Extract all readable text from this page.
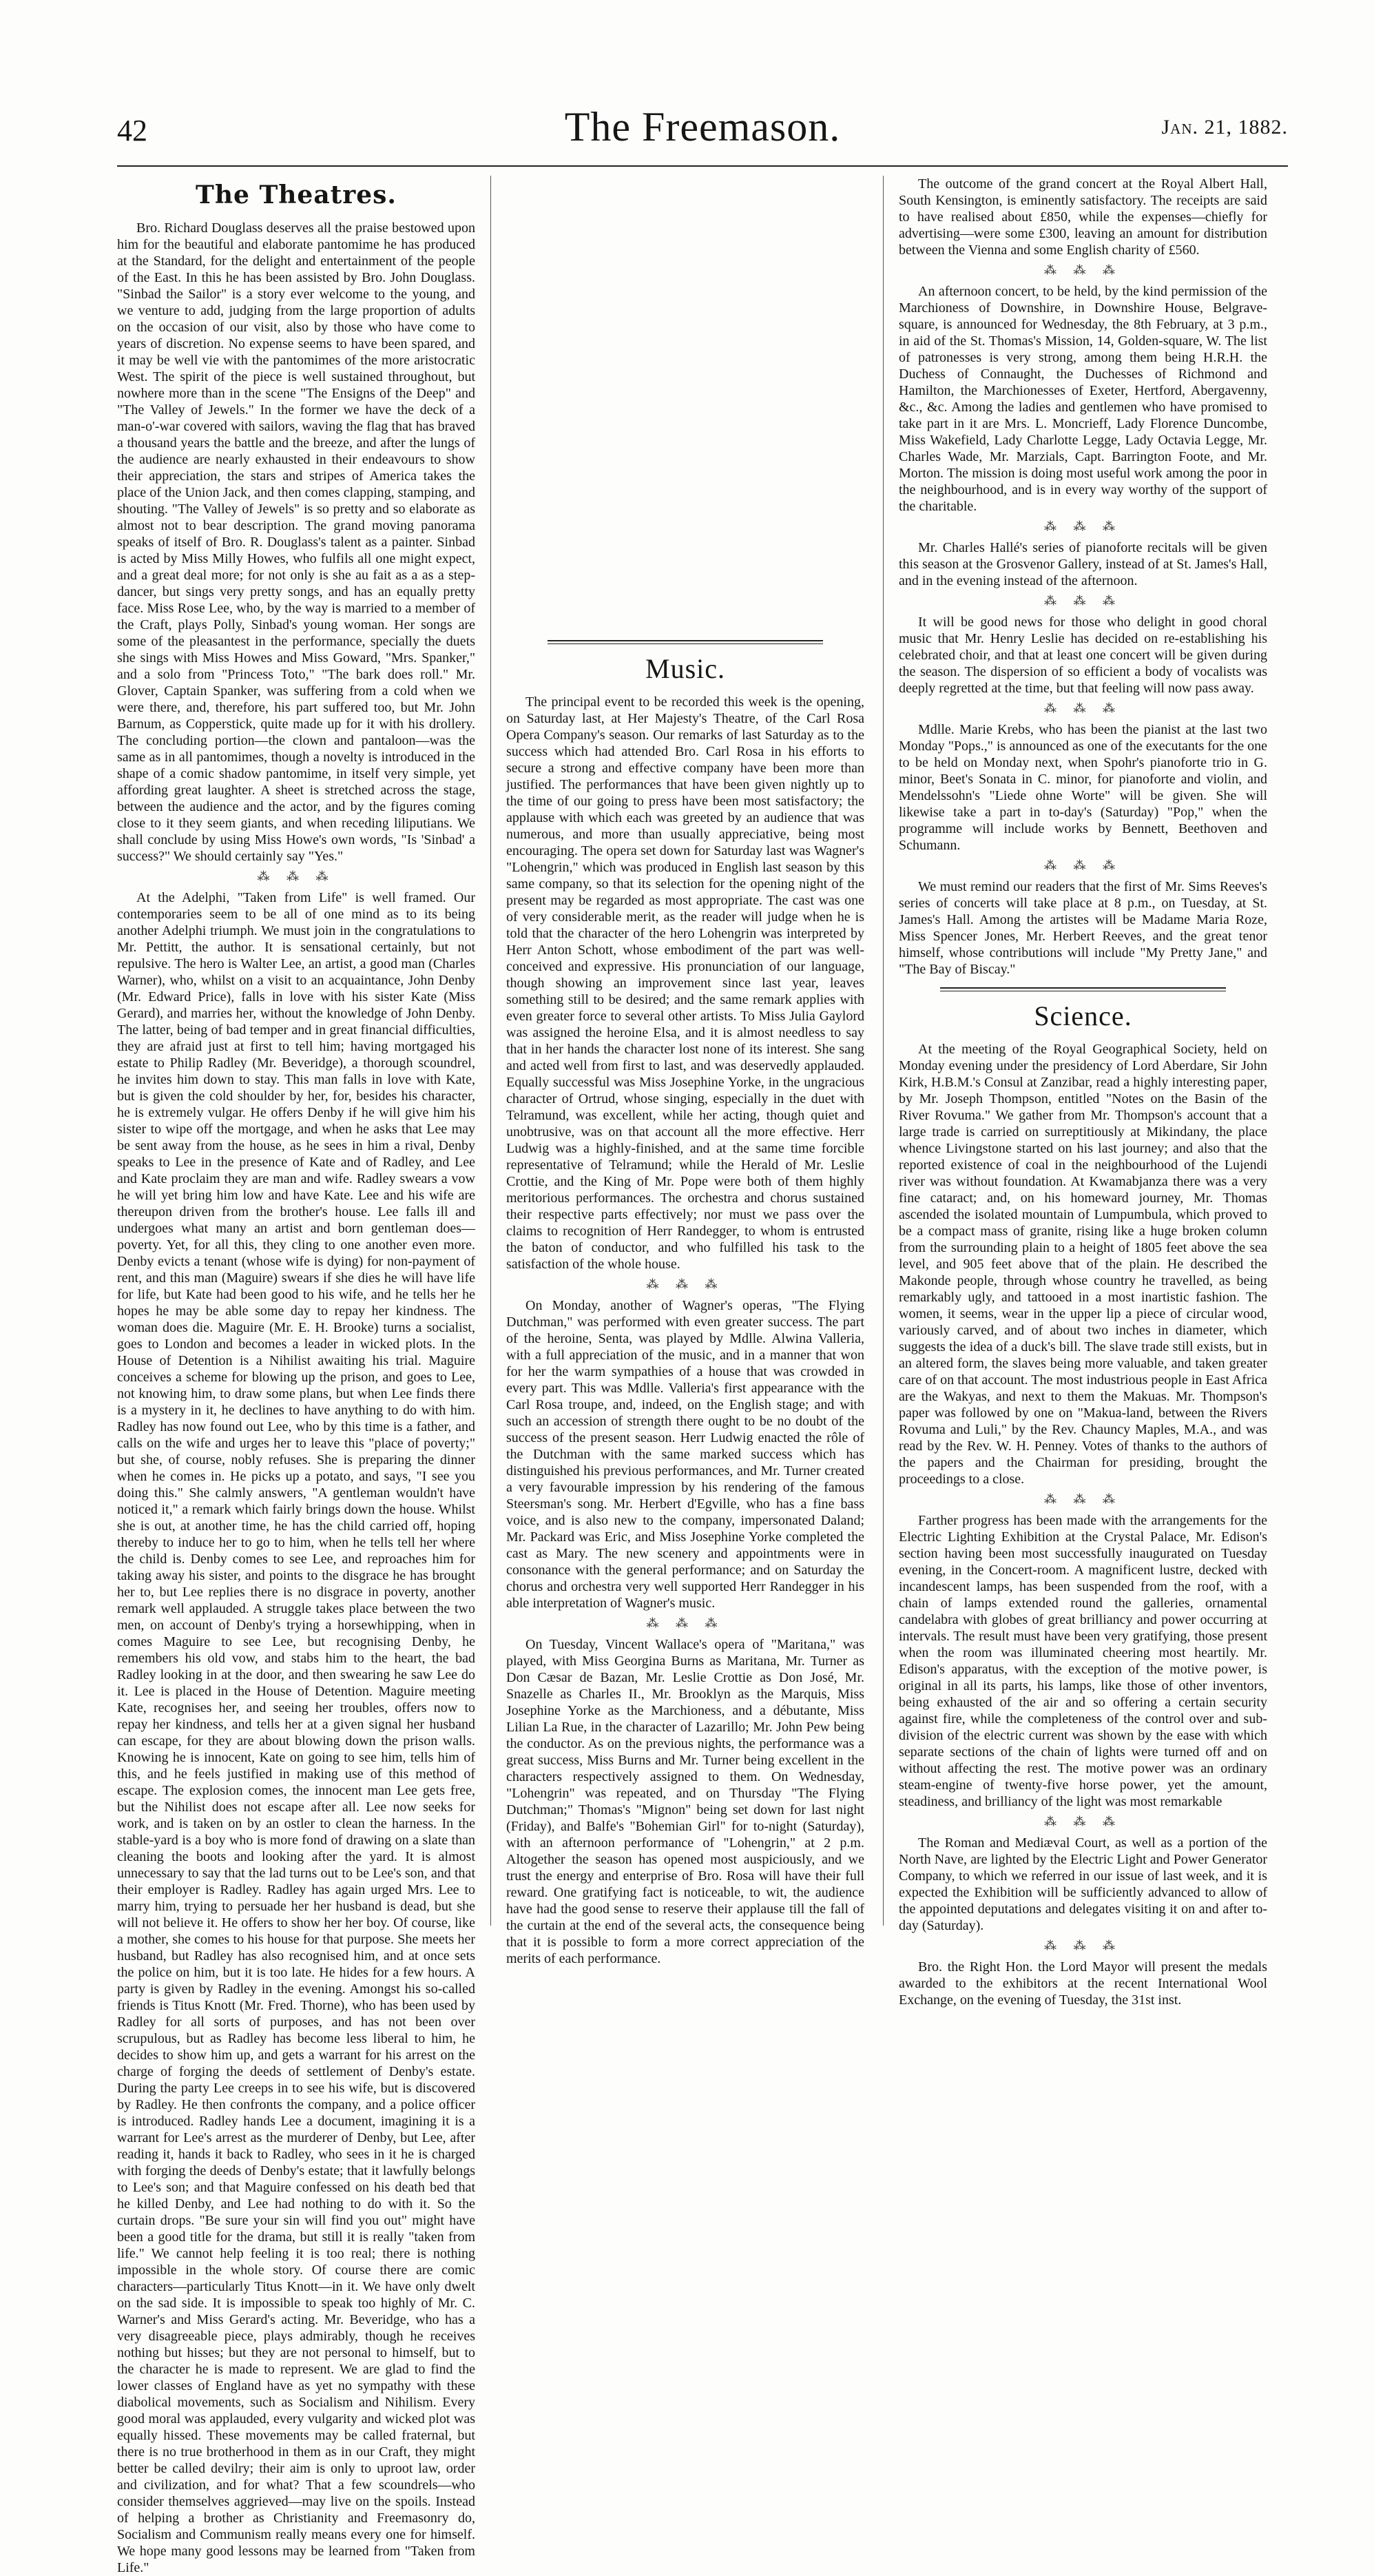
42	The Freemason.	Jan. 21, 1882.
The Theatres.

Bro. Richard Douglass deserves all the praise bestowed upon him for the beautiful and elaborate pantomime he has produced at the Standard, for the delight and entertainment of the people of the East. In this he has been assisted by Bro. John Douglass. "Sinbad the Sailor" is a story ever welcome to the young, and we venture to add, judging from the large proportion of adults on the occasion of our visit, also by those who have come to years of discretion. No expense seems to have been spared, and it may be well vie with the pantomimes of the more aristocratic West. The spirit of the piece is well sustained throughout, but nowhere more than in the scene "The Ensigns of the Deep" and "The Valley of Jewels." In the former we have the deck of a man-o'-war covered with sailors, waving the flag that has braved a thousand years the battle and the breeze, and after the lungs of the audience are nearly exhausted in their endeavours to show their appreciation, the stars and stripes of America takes the place of the Union Jack, and then comes clapping, stamping, and shouting. "The Valley of Jewels" is so pretty and so elaborate as almost not to bear description. The grand moving panorama speaks of itself of Bro. R. Douglass's talent as a painter. Sinbad is acted by Miss Milly Howes, who fulfils all one might expect, and a great deal more; for not only is she au fait as a as a step-dancer, but sings very pretty songs, and has an equally pretty face. Miss Rose Lee, who, by the way is married to a member of the Craft, plays Polly, Sinbad's young woman. Her songs are some of the pleasantest in the performance, specially the duets she sings with Miss Howes and Miss Goward, "Mrs. Spanker," and a solo from "Princess Toto," "The bark does roll." Mr. Glover, Captain Spanker, was suffering from a cold when we were there, and, therefore, his part suffered too, but Mr. John Barnum, as Copperstick, quite made up for it with his drollery. The concluding portion—the clown and pantaloon—was the same as in all pantomimes, though a novelty is introduced in the shape of a comic shadow pantomime, in itself very simple, yet affording great laughter. A sheet is stretched across the stage, between the audience and the actor, and by the figures coming close to it they seem giants, and when receding liliputians. We shall conclude by using Miss Howe's own words, "Is 'Sinbad' a success?" We should certainly say "Yes."

⁂ ⁂ ⁂

At the Adelphi, "Taken from Life" is well framed. Our contemporaries seem to be all of one mind as to its being another Adelphi triumph. We must join in the congratulations to Mr. Pettitt, the author. It is sensational certainly, but not repulsive. The hero is Walter Lee, an artist, a good man (Charles Warner), who, whilst on a visit to an acquaintance, John Denby (Mr. Edward Price), falls in love with his sister Kate (Miss Gerard), and marries her, without the knowledge of John Denby. The latter, being of bad temper and in great financial difficulties, they are afraid just at first to tell him; having mortgaged his estate to Philip Radley (Mr. Beveridge), a thorough scoundrel, he invites him down to stay. This man falls in love with Kate, but is given the cold shoulder by her, for, besides his character, he is extremely vulgar. He offers Denby if he will give him his sister to wipe off the mortgage, and when he asks that Lee may be sent away from the house, as he sees in him a rival, Denby speaks to Lee in the presence of Kate and of Radley, and Lee and Kate proclaim they are man and wife. Radley swears a vow he will yet bring him low and have Kate. Lee and his wife are thereupon driven from the brother's house. Lee falls ill and undergoes what many an artist and born gentleman does—poverty. Yet, for all this, they cling to one another even more. Denby evicts a tenant (whose wife is dying) for non-payment of rent, and this man (Maguire) swears if she dies he will have life for life, but Kate had been good to his wife, and he tells her he hopes he may be able some day to repay her kindness. The woman does die. Maguire (Mr. E. H. Brooke) turns a socialist, goes to London and becomes a leader in wicked plots. In the House of Detention is a Nihilist awaiting his trial. Maguire conceives a scheme for blowing up the prison, and goes to Lee, not knowing him, to draw some plans, but when Lee finds there is a mystery in it, he declines to have anything to do with him. Radley has now found out Lee, who by this time is a father, and calls on the wife and urges her to leave this "place of poverty;" but she, of course, nobly refuses. She is preparing the dinner when he comes in. He picks up a potato, and says, "I see you doing this." She calmly answers, "A gentleman wouldn't have noticed it," a remark which fairly brings down the house. Whilst she is out, at another time, he has the child carried off, hoping thereby to induce her to go to him, when he tells tell her where the child is. Denby comes to see Lee, and reproaches him for taking away his sister, and points to the disgrace he has brought her to, but Lee replies there is no disgrace in poverty, another remark well applauded. A struggle takes place between the two men, on account of Denby's trying a horsewhipping, when in comes Maguire to see Lee, but recognising Denby, he remembers his old vow, and stabs him to the heart, the bad Radley looking in at the door, and then swearing he saw Lee do it. Lee is placed in the House of Detention. Maguire meeting Kate, recognises her, and seeing her troubles, offers now to repay her kindness, and tells her at a given signal her husband can escape, for they are about blowing down the prison walls. Knowing he is innocent, Kate on going to see him, tells him of this, and he feels justified in making use of this method of escape. The explosion comes, the innocent man Lee gets free, but the Nihilist does not escape after all. Lee now seeks for work, and is taken on by an ostler to clean the harness. In the stable-yard is a boy who is more fond of drawing on a slate than cleaning the boots and looking after the yard. It is almost unnecessary to say that the lad turns out to be Lee's son, and that their employer is Radley. Radley has again urged Mrs. Lee to marry him, trying to persuade her her husband is dead, but she will not believe it. He offers to show her her boy. Of course, like a mother, she comes to his house for that purpose. She meets her husband, but Radley has also recognised him, and at once sets the police on him, but it is too late. He hides for a few hours. A party is given by Radley in the evening. Amongst his so-called friends is Titus Knott (Mr. Fred. Thorne), who has been used by Radley for all sorts of purposes, and has not been over scrupulous, but as Radley has become less liberal to him, he decides to show him up, and gets a warrant for his arrest on the charge of forging the deeds of settlement of Denby's estate. During the party Lee creeps in to see his wife, but is discovered by Radley. He then confronts the company, and a police officer is introduced. Radley hands Lee a document, imagining it is a warrant for Lee's arrest as the murderer of Denby, but Lee, after reading it, hands it back to Radley, who sees in it he is charged with forging the deeds of Denby's estate; that it lawfully belongs to Lee's son; and that Maguire confessed on his death bed that he killed Denby, and Lee had nothing to do with it. So the curtain drops. "Be sure your sin will find you out" might have been a good title for the drama, but still it is really "taken from life." We cannot help feeling it is too real; there is nothing impossible in the whole story. Of course there are comic characters—particularly Titus Knott—in it. We have only dwelt on the sad side. It is impossible to speak too highly of Mr. C. Warner's and Miss Gerard's acting. Mr. Beveridge, who has a very disagreeable piece, plays admirably, though he receives nothing but hisses; but they are not personal to himself, but to the character he is made to represent. We are glad to find the lower classes of England have as yet no sympathy with these diabolical movements, such as Socialism and Nihilism. Every good moral was applauded, every vulgarity and wicked plot was equally hissed. These movements may be called fraternal, but there is no true brotherhood in them as in our Craft, they might better be called devilry; their aim is only to uproot law, order and civilization, and for what? That a few scoundrels—who consider themselves aggrieved—may live on the spoils. Instead of helping a brother as Christianity and Freemasonry do, Socialism and Communism really means every one for himself. We hope many good lessons may be learned from "Taken from Life."

Music.

The principal event to be recorded this week is the opening, on Saturday last, at Her Majesty's Theatre, of the Carl Rosa Opera Company's season. Our remarks of last Saturday as to the success which had attended Bro. Carl Rosa in his efforts to secure a strong and effective company have been more than justified. The performances that have been given nightly up to the time of our going to press have been most satisfactory; the applause with which each was greeted by an audience that was numerous, and more than usually appreciative, being most encouraging. The opera set down for Saturday last was Wagner's "Lohengrin," which was produced in English last season by this same company, so that its selection for the opening night of the present may be regarded as most appropriate. The cast was one of very considerable merit, as the reader will judge when he is told that the character of the hero Lohengrin was interpreted by Herr Anton Schott, whose embodiment of the part was well-conceived and expressive. His pronunciation of our language, though showing an improvement since last year, leaves something still to be desired; and the same remark applies with even greater force to several other artists. To Miss Julia Gaylord was assigned the heroine Elsa, and it is almost needless to say that in her hands the character lost none of its interest. She sang and acted well from first to last, and was deservedly applauded. Equally successful was Miss Josephine Yorke, in the ungracious character of Ortrud, whose singing, especially in the duet with Telramund, was excellent, while her acting, though quiet and unobtrusive, was on that account all the more effective. Herr Ludwig was a highly-finished, and at the same time forcible representative of Telramund; while the Herald of Mr. Leslie Crottie, and the King of Mr. Pope were both of them highly meritorious performances. The orchestra and chorus sustained their respective parts effectively; nor must we pass over the claims to recognition of Herr Randegger, to whom is entrusted the baton of conductor, and who fulfilled his task to the satisfaction of the whole house.

⁂ ⁂ ⁂

On Monday, another of Wagner's operas, "The Flying Dutchman," was performed with even greater success. The part of the heroine, Senta, was played by Mdlle. Alwina Valleria, with a full appreciation of the music, and in a manner that won for her the warm sympathies of a house that was crowded in every part. This was Mdlle. Valleria's first appearance with the Carl Rosa troupe, and, indeed, on the English stage; and with such an accession of strength there ought to be no doubt of the success of the present season. Herr Ludwig enacted the rôle of the Dutchman with the same marked success which has distinguished his previous performances, and Mr. Turner created a very favourable impression by his rendering of the famous Steersman's song. Mr. Herbert d'Egville, who has a fine bass voice, and is also new to the company, impersonated Daland; Mr. Packard was Eric, and Miss Josephine Yorke completed the cast as Mary. The new scenery and appointments were in consonance with the general performance; and on Saturday the chorus and orchestra very well supported Herr Randegger in his able interpretation of Wagner's music.

⁂ ⁂ ⁂

On Tuesday, Vincent Wallace's opera of "Maritana," was played, with Miss Georgina Burns as Maritana, Mr. Turner as Don Cæsar de Bazan, Mr. Leslie Crottie as Don José, Mr. Snazelle as Charles II., Mr. Brooklyn as the Marquis, Miss Josephine Yorke as the Marchioness, and a débutante, Miss Lilian La Rue, in the character of Lazarillo; Mr. John Pew being the conductor. As on the previous nights, the performance was a great success, Miss Burns and Mr. Turner being excellent in the characters respectively assigned to them. On Wednesday, "Lohengrin" was repeated, and on Thursday "The Flying Dutchman;" Thomas's "Mignon" being set down for last night (Friday), and Balfe's "Bohemian Girl" for to-night (Saturday), with an afternoon performance of "Lohengrin," at 2 p.m. Altogether the season has opened most auspiciously, and we trust the energy and enterprise of Bro. Rosa will have their full reward. One gratifying fact is noticeable, to wit, the audience have had the good sense to reserve their applause till the fall of the curtain at the end of the several acts, the consequence being that it is possible to form a more correct appreciation of the merits of each performance.

The outcome of the grand concert at the Royal Albert Hall, South Kensington, is eminently satisfactory. The receipts are said to have realised about £850, while the expenses—chiefly for advertising—were some £300, leaving an amount for distribution between the Vienna and some English charity of £560.

⁂ ⁂ ⁂

An afternoon concert, to be held, by the kind permission of the Marchioness of Downshire, in Downshire House, Belgrave-square, is announced for Wednesday, the 8th February, at 3 p.m., in aid of the St. Thomas's Mission, 14, Golden-square, W. The list of patronesses is very strong, among them being H.R.H. the Duchess of Connaught, the Duchesses of Richmond and Hamilton, the Marchionesses of Exeter, Hertford, Abergavenny, &c., &c. Among the ladies and gentlemen who have promised to take part in it are Mrs. L. Moncrieff, Lady Florence Duncombe, Miss Wakefield, Lady Charlotte Legge, Lady Octavia Legge, Mr. Charles Wade, Mr. Marzials, Capt. Barrington Foote, and Mr. Morton. The mission is doing most useful work among the poor in the neighbourhood, and is in every way worthy of the support of the charitable.

⁂ ⁂ ⁂

Mr. Charles Hallé's series of pianoforte recitals will be given this season at the Grosvenor Gallery, instead of at St. James's Hall, and in the evening instead of the afternoon.

⁂ ⁂ ⁂

It will be good news for those who delight in good choral music that Mr. Henry Leslie has decided on re-establishing his celebrated choir, and that at least one concert will be given during the season. The dispersion of so efficient a body of vocalists was deeply regretted at the time, but that feeling will now pass away.

⁂ ⁂ ⁂

Mdlle. Marie Krebs, who has been the pianist at the last two Monday "Pops.," is announced as one of the executants for the one to be held on Monday next, when Spohr's pianoforte trio in G. minor, Beet's Sonata in C. minor, for pianoforte and violin, and Mendelssohn's "Liede ohne Worte" will be given. She will likewise take a part in to-day's (Saturday) "Pop," when the programme will include works by Bennett, Beethoven and Schumann.

⁂ ⁂ ⁂

We must remind our readers that the first of Mr. Sims Reeves's series of concerts will take place at 8 p.m., on Tuesday, at St. James's Hall. Among the artistes will be Madame Maria Roze, Miss Spencer Jones, Mr. Herbert Reeves, and the great tenor himself, whose contributions will include "My Pretty Jane," and "The Bay of Biscay."

Science.

At the meeting of the Royal Geographical Society, held on Monday evening under the presidency of Lord Aberdare, Sir John Kirk, H.B.M.'s Consul at Zanzibar, read a highly interesting paper, by Mr. Joseph Thompson, entitled "Notes on the Basin of the River Rovuma." We gather from Mr. Thompson's account that a large trade is carried on surreptitiously at Mikindany, the place whence Livingstone started on his last journey; and also that the reported existence of coal in the neighbourhood of the Lujendi river was without foundation. At Kwamabjanza there was a very fine cataract; and, on his homeward journey, Mr. Thomas ascended the isolated mountain of Lumpumbula, which proved to be a compact mass of granite, rising like a huge broken column from the surrounding plain to a height of 1805 feet above the sea level, and 905 feet above that of the plain. He described the Makonde people, through whose country he travelled, as being remarkably ugly, and tattooed in a most inartistic fashion. The women, it seems, wear in the upper lip a piece of circular wood, variously carved, and of about two inches in diameter, which suggests the idea of a duck's bill. The slave trade still exists, but in an altered form, the slaves being more valuable, and taken greater care of on that account. The most industrious people in East Africa are the Wakyas, and next to them the Makuas. Mr. Thompson's paper was followed by one on "Makua-land, between the Rivers Rovuma and Luli," by the Rev. Chauncy Maples, M.A., and was read by the Rev. W. H. Penney. Votes of thanks to the authors of the papers and the Chairman for presiding, brought the proceedings to a close.

⁂ ⁂ ⁂

Farther progress has been made with the arrangements for the Electric Lighting Exhibition at the Crystal Palace, Mr. Edison's section having been most successfully inaugurated on Tuesday evening, in the Concert-room. A magnificent lustre, decked with incandescent lamps, has been suspended from the roof, with a chain of lamps extended round the galleries, ornamental candelabra with globes of great brilliancy and power occurring at intervals. The result must have been very gratifying, those present when the room was illuminated cheering most heartily. Mr. Edison's apparatus, with the exception of the motive power, is original in all its parts, his lamps, like those of other inventors, being exhausted of the air and so offering a certain security against fire, while the completeness of the control over and sub-division of the electric current was shown by the ease with which separate sections of the chain of lights were turned off and on without affecting the rest. The motive power was an ordinary steam-engine of twenty-five horse power, yet the amount, steadiness, and brilliancy of the light was most remarkable

⁂ ⁂ ⁂

The Roman and Mediæval Court, as well as a portion of the North Nave, are lighted by the Electric Light and Power Generator Company, to which we referred in our issue of last week, and it is expected the Exhibition will be sufficiently advanced to allow of the appointed deputations and delegates visiting it on and after to-day (Saturday).

⁂ ⁂ ⁂

Bro. the Right Hon. the Lord Mayor will present the medals awarded to the exhibitors at the recent International Wool Exchange, on the evening of Tuesday, the 31st inst.
